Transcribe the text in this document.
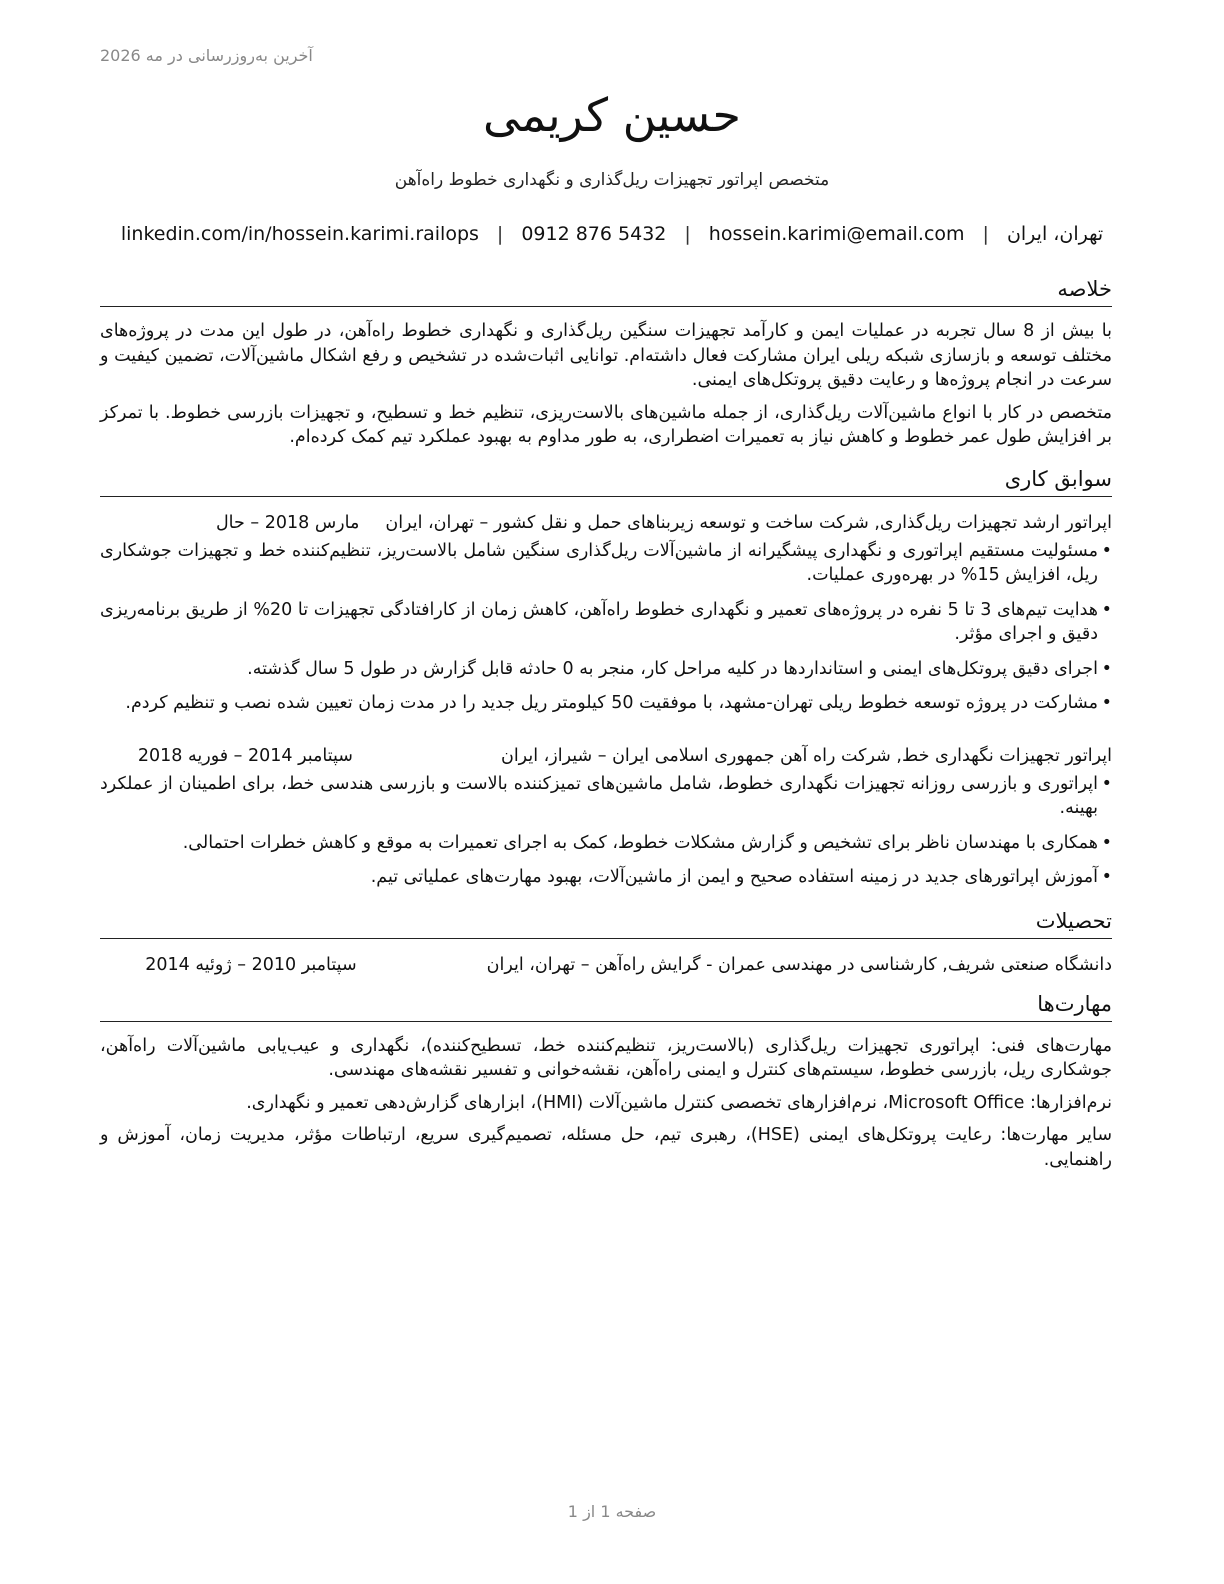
آخرین به‌روزرسانی در مه 2026
حسین کریمی
متخصص اپراتور تجهیزات ریل‌گذاری و نگهداری خطوط راه‌آهن
تهران، ایران
|
hossein.karimi@email.com
|
0912 876 5432
|
linkedin.com/in/hossein.karimi.railops
خلاصه

با بیش از 8 سال تجربه در عملیات ایمن و کارآمد تجهیزات سنگین ریل‌گذاری و نگهداری خطوط راه‌آهن، در طول این مدت در پروژه‌های مختلف توسعه و بازسازی شبکه ریلی ایران مشارکت فعال داشته‌ام. توانایی اثبات‌شده در تشخیص و رفع اشکال ماشین‌آلات، تضمین کیفیت و سرعت در انجام پروژه‌ها و رعایت دقیق پروتکل‌های ایمنی.

متخصص در کار با انواع ماشین‌آلات ریل‌گذاری، از جمله ماشین‌های بالاست‌ریزی، تنظیم خط و تسطیح، و تجهیزات بازرسی خطوط. با تمرکز بر افزایش طول عمر خطوط و کاهش نیاز به تعمیرات اضطراری، به طور مداوم به بهبود عملکرد تیم کمک کرده‌ام.

سوابق کاری
اپراتور ارشد تجهیزات ریل‌گذاری, شرکت ساخت و توسعه زیربناهای حمل و نقل کشور – تهران، ایران
مارس 2018 – حال
•
مسئولیت مستقیم اپراتوری و نگهداری پیشگیرانه از ماشین‌آلات ریل‌گذاری سنگین شامل بالاست‌ریز، تنظیم‌کننده خط و تجهیزات جوشکاری ریل، افزایش 15% در بهره‌وری عملیات.
•
هدایت تیم‌های 3 تا 5 نفره در پروژه‌های تعمیر و نگهداری خطوط راه‌آهن، کاهش زمان از کارافتادگی تجهیزات تا 20% از طریق برنامه‌ریزی دقیق و اجرای مؤثر.
•
اجرای دقیق پروتکل‌های ایمنی و استانداردها در کلیه مراحل کار، منجر به 0 حادثه قابل گزارش در طول 5 سال گذشته.
•
مشارکت در پروژه توسعه خطوط ریلی تهران-مشهد، با موفقیت 50 کیلومتر ریل جدید را در مدت زمان تعیین شده نصب و تنظیم کردم.
اپراتور تجهیزات نگهداری خط, شرکت راه آهن جمهوری اسلامی ایران – شیراز، ایران
سپتامبر 2014 – فوریه 2018
•
اپراتوری و بازرسی روزانه تجهیزات نگهداری خطوط، شامل ماشین‌های تمیزکننده بالاست و بازرسی هندسی خط، برای اطمینان از عملکرد بهینه.
•
همکاری با مهندسان ناظر برای تشخیص و گزارش مشکلات خطوط، کمک به اجرای تعمیرات به موقع و کاهش خطرات احتمالی.
•
آموزش اپراتورهای جدید در زمینه استفاده صحیح و ایمن از ماشین‌آلات، بهبود مهارت‌های عملیاتی تیم.
تحصیلات
دانشگاه صنعتی شریف, کارشناسی در مهندسی عمران - گرایش راه‌آهن – تهران، ایران
سپتامبر 2010 – ژوئیه 2014
مهارت‌ها

مهارت‌های فنی: اپراتوری تجهیزات ریل‌گذاری (بالاست‌ریز، تنظیم‌کننده خط، تسطیح‌کننده)، نگهداری و عیب‌یابی ماشین‌آلات راه‌آهن، جوشکاری ریل، بازرسی خطوط، سیستم‌های کنترل و ایمنی راه‌آهن، نقشه‌خوانی و تفسیر نقشه‌های مهندسی.

نرم‌افزارها: Microsoft Office، نرم‌افزارهای تخصصی کنترل ماشین‌آلات (HMI)، ابزارهای گزارش‌دهی تعمیر و نگهداری.

سایر مهارت‌ها: رعایت پروتکل‌های ایمنی (HSE)، رهبری تیم، حل مسئله، تصمیم‌گیری سریع، ارتباطات مؤثر، مدیریت زمان، آموزش و راهنمایی.

صفحه 1 از 1
